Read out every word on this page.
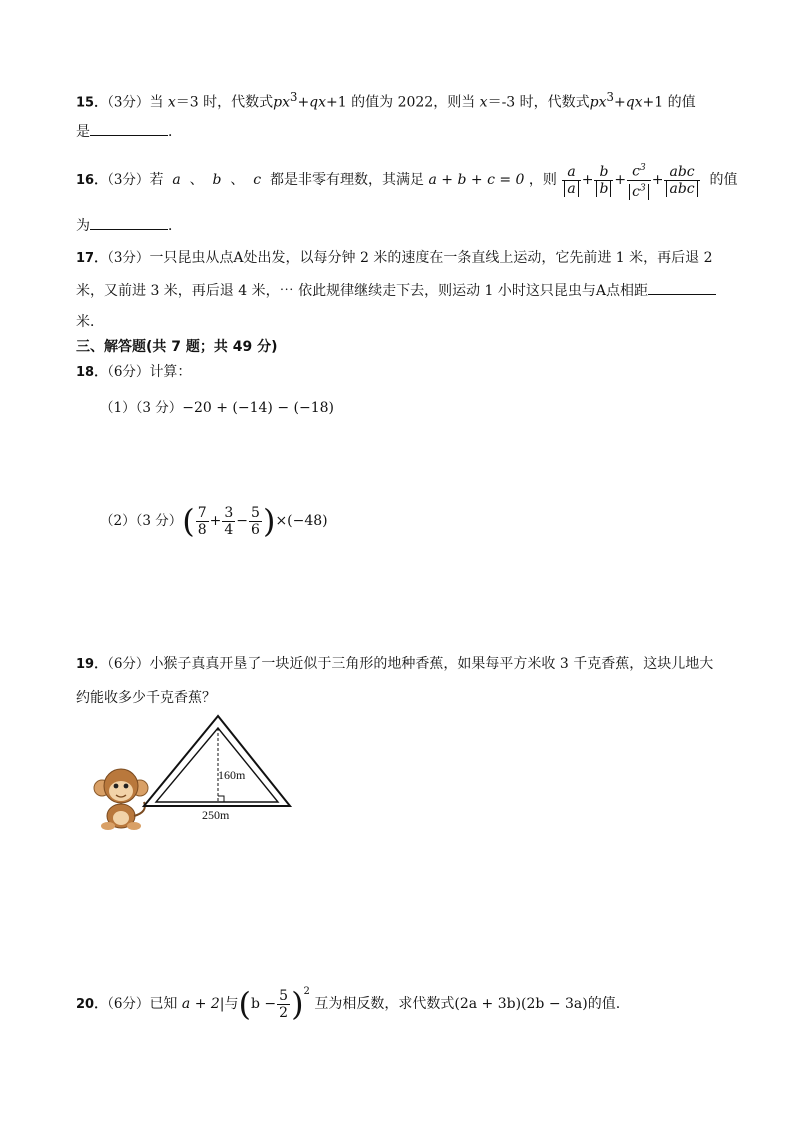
15．（3分）当 x＝3 时，代数式$px^3+qx+1$ 的值为 2022，则当 x＝-3 时，代数式$px^3+qx+1$ 的值
是	．
16．（3分）若 a 、 b 、 c 都是非零有理数，其满足 a + b + c = 0 ，则 $\frac{a}{a} + \frac{b}{b} + \frac{c^3}{c^3} + \frac{\text{abc}}{\text{abc}}$ 的值
为	．
17．（3分）一只昆虫从点A处出发，以每分钟 2 米的速度在一条直线上运动，它先前进 1 米，再后退 2
米，又前进 3 米，再后退 4 米，⋯ 依此规律继续走下去，则运动 1 小时这只昆虫与A点相距
米．
三、解答题(共 7 题；共 49 分)
18．（6分）计算：
（1）（3 分）−20 + (−14) − (−18)
（2）（3 分）( $\frac{7}{8} + \frac{3}{4} - \frac{5}{6} )\times(-48)$
19．（6分）小猴子真真开垦了一块近似于三角形的地种香蕉，如果每平方米收 3 千克香蕉，这块儿地大
约能收多少千克香蕉？
160m
250m
20．（6分）已知 a + 2|与$(b - \frac{5}{2} )^2$ 互为相反数，求代数式(2a + 3b)(2b − 3a)的值.
